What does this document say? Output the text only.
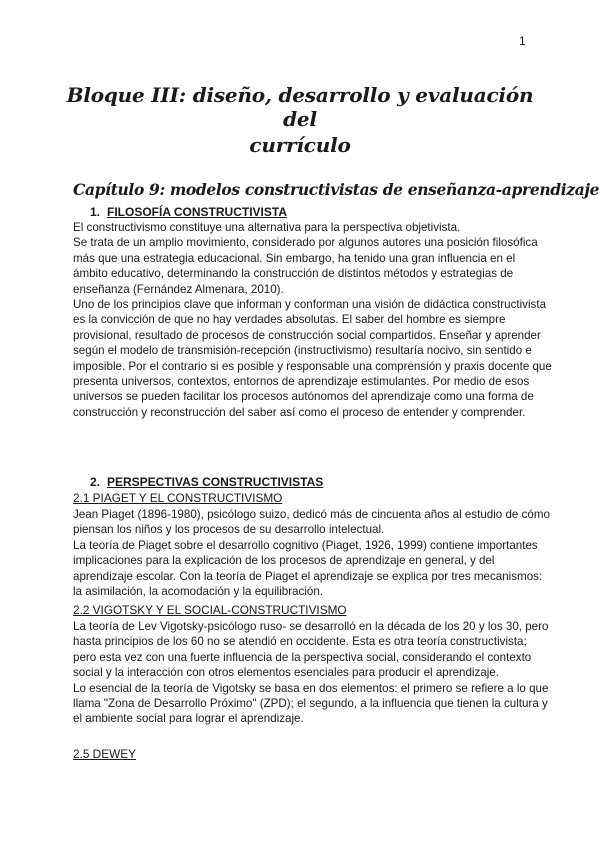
1
Bloque III: diseño, desarrollo y evaluación del
currículo
Capítulo 9: modelos constructivistas de enseñanza-aprendizaje
1. FILOSOFÍA CONSTRUCTIVISTA

El constructivismo constituye una alternativa para la perspectiva objetivista.

Se trata de un amplio movimiento, considerado por algunos autores una posición filosófica más que una estrategia educacional. Sin embargo, ha tenido una gran influencia en el ámbito educativo, determinando la construcción de distintos métodos y estrategias de enseñanza (Fernández Almenara, 2010).

Uno de los principios clave que informan y conforman una visión de didáctica constructivista es la convicción de que no hay verdades absolutas. El saber del hombre es siempre provisional, resultado de procesos de construcción social compartidos. Enseñar y aprender según el modelo de transmisión-recepción (instructivismo) resultaría nocivo, sin sentido e imposible. Por el contrario si es posible y responsable una comprensión y praxis docente que presenta universos, contextos, entornos de aprendizaje estimulantes. Por medio de esos universos se pueden facilitar los procesos autónomos del aprendizaje como una forma de construcción y reconstrucción del saber así como el proceso de entender y comprender.

2. PERSPECTIVAS CONSTRUCTIVISTAS
2.1 PIAGET Y EL CONSTRUCTIVISMO

Jean Piaget (1896-1980), psicólogo suizo, dedicó más de cincuenta años al estudio de cómo piensan los niños y los procesos de su desarrollo intelectual.

La teoría de Piaget sobre el desarrollo cognitivo (Piaget, 1926, 1999) contiene importantes implicaciones para la explicación de los procesos de aprendizaje en general, y del aprendizaje escolar. Con la teoría de Piaget el aprendizaje se explica por tres mecanismos: la asimilación, la acomodación y la equilibración.

2.2 VIGOTSKY Y EL SOCIAL-CONSTRUCTIVISMO

La teoría de Lev Vigotsky-psicólogo ruso- se desarrolló en la década de los 20 y los 30, pero hasta principios de los 60 no se atendió en occidente. Esta es otra teoría constructivista; pero esta vez con una fuerte influencia de la perspectiva social, considerando el contexto social y la interacción con otros elementos esenciales para producir el aprendizaje.

Lo esencial de la teoría de Vigotsky se basa en dos elementos: el primero se refiere a lo que llama "Zona de Desarrollo Próximo" (ZPD); el segundo, a la influencia que tienen la cultura y el ambiente social para lograr el aprendizaje.

2.5 DEWEY
